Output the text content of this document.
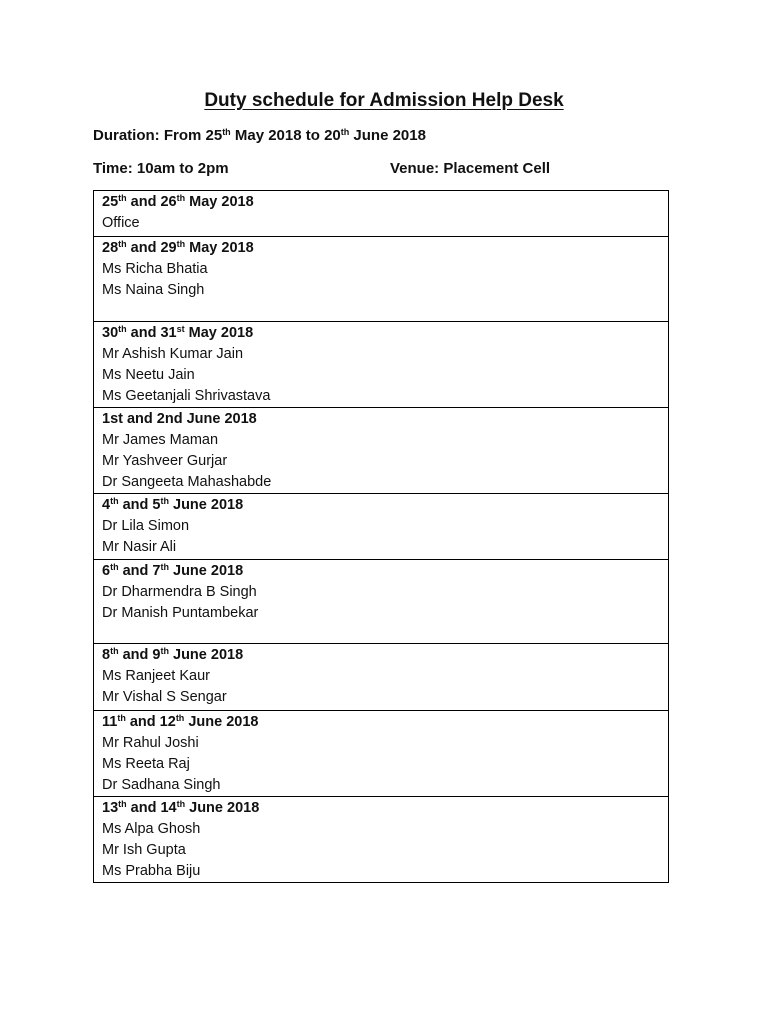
Duty schedule for Admission Help Desk
Duration: From 25th May 2018 to 20th June 2018
Time: 10am to 2pm	Venue: Placement Cell
25th and 26th May 2018
Office

28th and 29th May 2018
Ms Richa Bhatia
Ms Naina Singh

30th and 31st May 2018
Mr Ashish Kumar Jain
Ms Neetu Jain
Ms Geetanjali Shrivastava

1st and 2nd June 2018
Mr James Maman
Mr Yashveer Gurjar
Dr Sangeeta Mahashabde

4th and 5th June 2018
Dr Lila Simon
Mr Nasir Ali

6th and 7th June 2018
Dr Dharmendra B Singh
Dr Manish Puntambekar

8th and 9th June 2018
Ms Ranjeet Kaur
Mr Vishal S Sengar

11th and 12th June 2018
Mr Rahul Joshi
Ms Reeta Raj
Dr Sadhana Singh

13th and 14th June 2018
Ms Alpa Ghosh
Mr Ish Gupta
Ms Prabha Biju
